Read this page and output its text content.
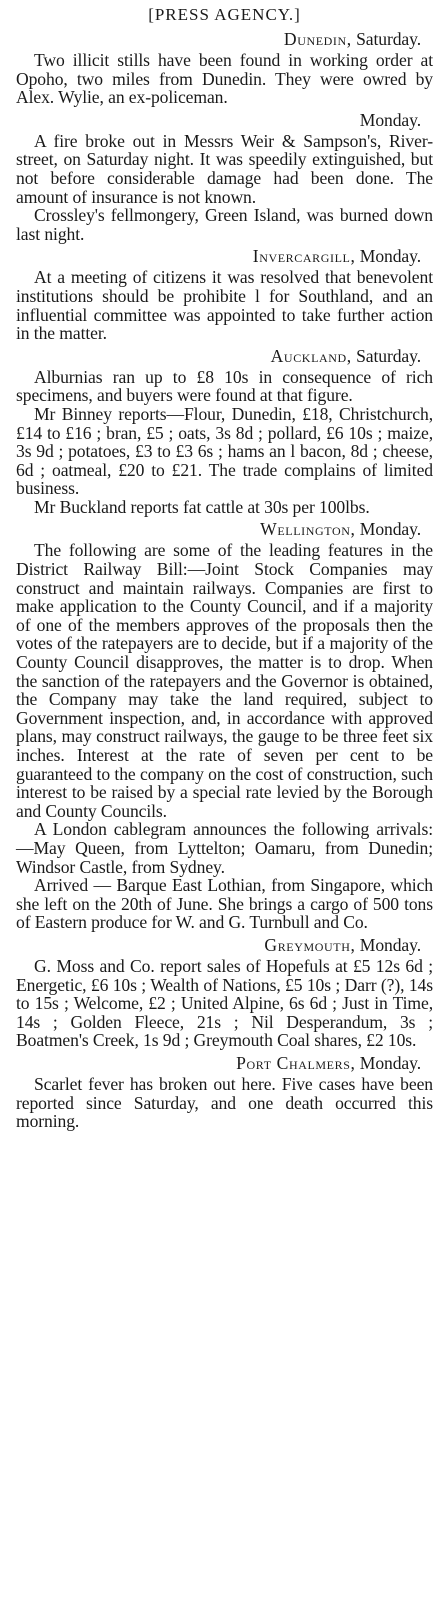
[PRESS AGENCY.]
Dunedin, Saturday.

Two illicit stills have been found in working order at Opoho, two miles from Dunedin. They were owred by Alex. Wylie, an ex-policeman.

Monday.

A fire broke out in Messrs Weir & Sampson's, River-street, on Saturday night. It was speedily extinguished, but not before considerable damage had been done. The amount of insurance is not known.

Crossley's fellmongery, Green Island, was burned down last night.

Invercargill, Monday.

At a meeting of citizens it was resolved that benevolent institutions should be prohibite l for Southland, and an influential committee was appointed to take further action in the matter.

Auckland, Saturday.

Alburnias ran up to £8 10s in consequence of rich specimens, and buyers were found at that figure.

Mr Binney reports—Flour, Dunedin, £18, Christchurch, £14 to £16 ; bran, £5 ; oats, 3s 8d ; pollard, £6 10s ; maize, 3s 9d ; potatoes, £3 to £3 6s ; hams an l bacon, 8d ; cheese, 6d ; oatmeal, £20 to £21. The trade complains of limited business.

Mr Buckland reports fat cattle at 30s per 100lbs.

Wellington, Monday.

The following are some of the leading features in the District Railway Bill:—Joint Stock Companies may construct and maintain railways. Companies are first to make application to the County Council, and if a majority of one of the members approves of the proposals then the votes of the ratepayers are to decide, but if a majority of the County Council disapproves, the matter is to drop. When the sanction of the ratepayers and the Governor is obtained, the Company may take the land required, subject to Government inspection, and, in accordance with approved plans, may construct railways, the gauge to be three feet six inches. Interest at the rate of seven per cent to be guaranteed to the company on the cost of construction, such interest to be raised by a special rate levied by the Borough and County Councils.

A London cablegram announces the following arrivals:—May Queen, from Lyttelton; Oamaru, from Dunedin; Windsor Castle, from Sydney.

Arrived — Barque East Lothian, from Singapore, which she left on the 20th of June. She brings a cargo of 500 tons of Eastern produce for W. and G. Turnbull and Co.

Greymouth, Monday.

G. Moss and Co. report sales of Hopefuls at £5 12s 6d ; Energetic, £6 10s ; Wealth of Nations, £5 10s ; Darr (?), 14s to 15s ; Welcome, £2 ; United Alpine, 6s 6d ; Just in Time, 14s ; Golden Fleece, 21s ; Nil Desperandum, 3s ; Boatmen's Creek, 1s 9d ; Greymouth Coal shares, £2 10s.

Port Chalmers, Monday.

Scarlet fever has broken out here. Five cases have been reported since Saturday, and one death occurred this morning.
